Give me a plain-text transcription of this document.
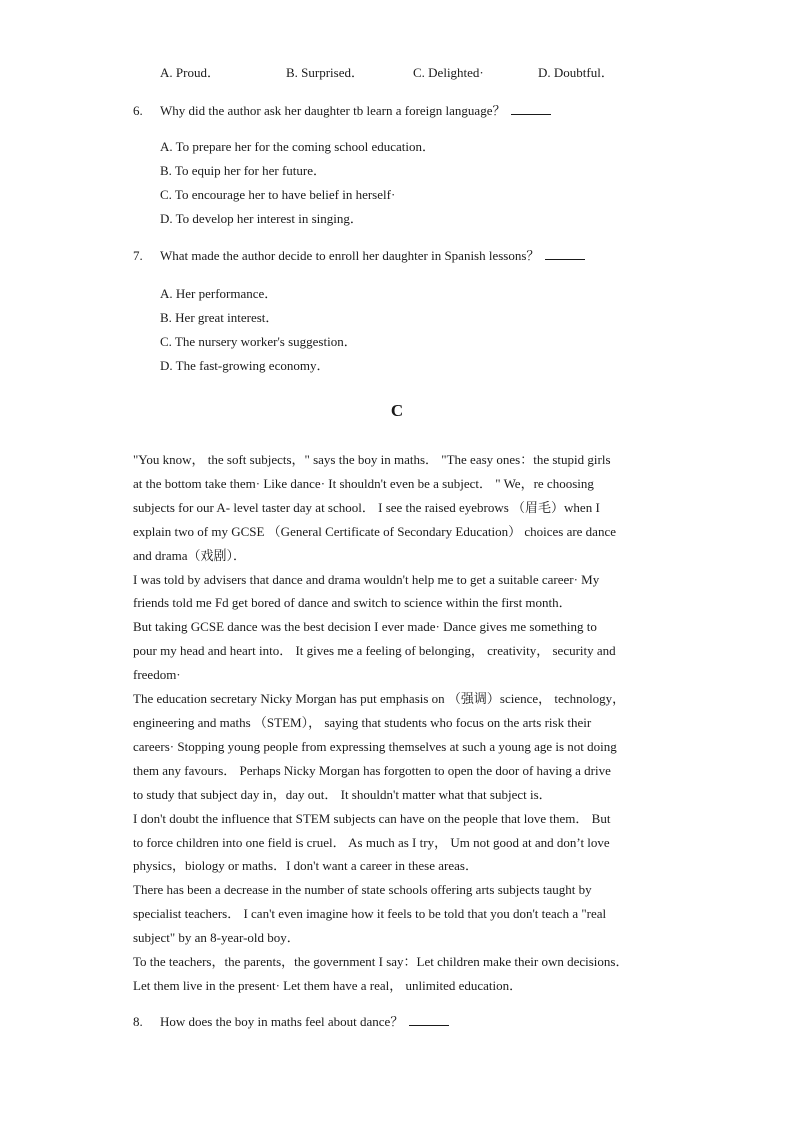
A. Proud．	B. Surprised．	C. Delighted·	D. Doubtful．
6. Why did the author ask her daughter tb learn a foreign language？
A. To prepare her for the coming school education．
B. To equip her for her future．
C. To encourage her to have belief in herself·
D. To develop her interest in singing．
7. What made the author decide to enroll her daughter in Spanish lessons？
A. Her performance．
B. Her great interest．
C. The nursery worker's suggestion．
D. The fast-growing economy．
C

"You know， the soft subjects，" says the boy in maths． "The easy ones：the stupid girls

at the bottom take them· Like dance· It shouldn't even be a subject． " We，re choosing

subjects for our A- level taster day at school． I see the raised eyebrows （眉毛）when I

explain two of my GCSE （General Certificate of Secondary Education） choices are dance

and drama（戏剧）．

I was told by advisers that dance and drama wouldn't help me to get a suitable career· My

friends told me Fd get bored of dance and switch to science within the first month．

But taking GCSE dance was the best decision I ever made· Dance gives me something to

pour my head and heart into． It gives me a feeling of belonging， creativity， security and

freedom·

The education secretary Nicky Morgan has put emphasis on （强调）science， technology，

engineering and maths （STEM）， saying that students who focus on the arts risk their

careers· Stopping young people from expressing themselves at such a young age is not doing

them any favours． Perhaps Nicky Morgan has forgotten to open the door of having a drive

to study that subject day in，day out． It shouldn't matter what that subject is．

I don't doubt the influence that STEM subjects can have on the people that love them． But

to force children into one field is cruel． As much as I try， Um not good at and don’t love

physics，biology or maths．I don't want a career in these areas．

There has been a decrease in the number of state schools offering arts subjects taught by

specialist teachers． I can't even imagine how it feels to be told that you don't teach a "real

subject" by an 8-year-old boy．

To the teachers，the parents，the government I say：Let children make their own decisions．

Let them live in the present· Let them have a real， unlimited education．

8. How does the boy in maths feel about dance？
